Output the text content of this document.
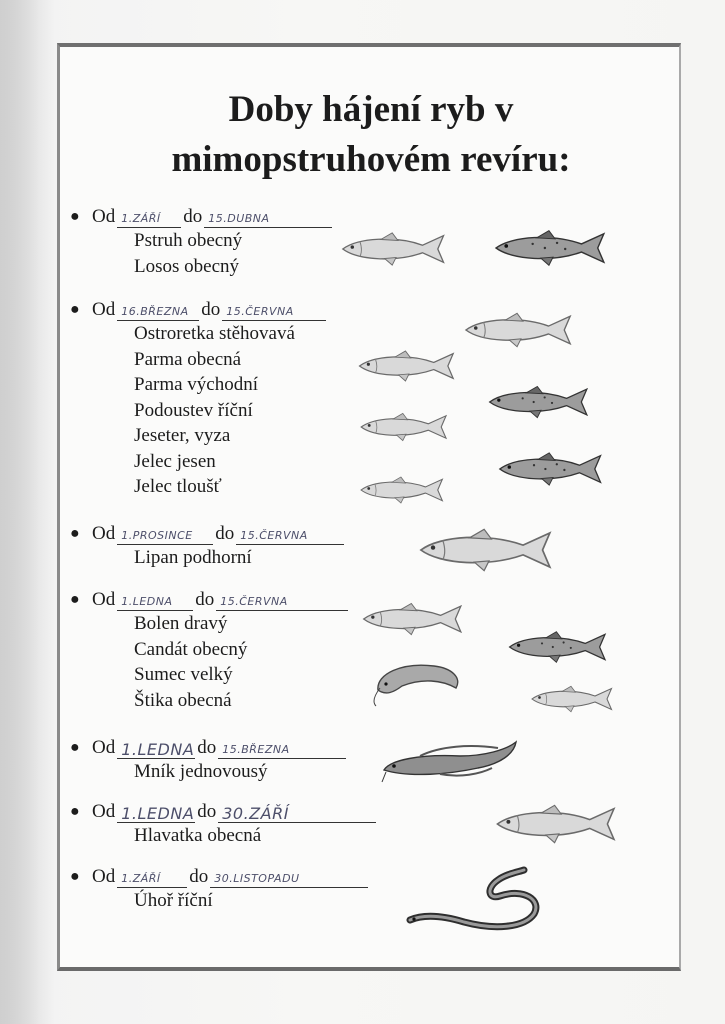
Doby hájení ryb v
mimopstruhovém revíru:
● Od 1.ZÁŘÍ	do 15.DUBNA
Pstruh obecný
Losos obecný
● Od 16.BŘEZNA do 15.ČERVNA
Ostroretka stěhovavá
Parma obecná
Parma východní
Podoustev říční
Jeseter, vyza
Jelec jesen
Jelec tloušť
● Od 1.PROSINCE	do 15.ČERVNA
Lipan podhorní
● Od 1.LEDNA	do 15.ČERVNA
Bolen dravý
Candát obecný
Sumec velký
Štika obecná
● Od 1.LEDNA do 15.BŘEZNA
Mník jednovousý
● Od 1.LEDNA do 30.ZÁŘÍ
Hlavatka obecná
● Od 1.ZÁŘÍ	do 30.LISTOPADU
Úhoř říční
